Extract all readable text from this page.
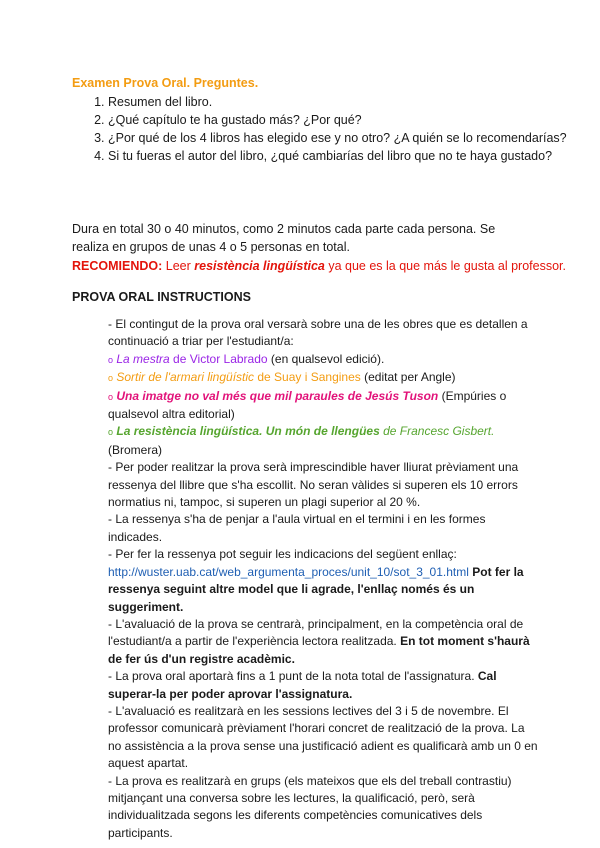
Examen Prova Oral. Preguntes.
1. Resumen del libro.
2. ¿Qué capítulo te ha gustado más? ¿Por qué?
3. ¿Por qué de los 4 libros has elegido ese y no otro? ¿A quién se lo recomendarías?
4. Si tu fueras el autor del libro, ¿qué cambiarías del libro que no te haya gustado?

Dura en total 30 o 40 minutos, como 2 minutos cada parte cada persona. Se realiza en grupos de unas 4 o 5 personas en total.

RECOMIENDO: Leer resistència lingüística ya que es la que más le gusta al professor.
PROVA ORAL INSTRUCTIONS

- El contingut de la prova oral versarà sobre una de les obres que es detallen a continuació a triar per l'estudiant/a:

o La mestra de Victor Labrado (en qualsevol edició).

o Sortir de l'armari lingüístic de Suay i Sangines (editat per Angle)

o Una imatge no val més que mil paraules de Jesús Tuson (Empúries o qualsevol altra editorial)

o La resistència lingüística. Un món de llengües de Francesc Gisbert. (Bromera)

- Per poder realitzar la prova serà imprescindible haver lliurat prèviament una ressenya del llibre que s'ha escollit. No seran vàlides si superen els 10 errors normatius ni, tampoc, si superen un plagi superior al 20 %.

- La ressenya s'ha de penjar a l'aula virtual en el termini i en les formes indicades.

- Per fer la ressenya pot seguir les indicacions del següent enllaç:
http://wuster.uab.cat/web_argumenta_proces/unit_10/sot_3_01.html Pot fer la ressenya seguint altre model que li agrade, l'enllaç només és un suggeriment.

- L'avaluació de la prova se centrarà, principalment, en la competència oral de l'estudiant/a a partir de l'experiència lectora realitzada. En tot moment s'haurà de fer ús d'un registre acadèmic.

- La prova oral aportarà fins a 1 punt de la nota total de l'assignatura. Cal superar-la per poder aprovar l'assignatura.

- L'avaluació es realitzarà en les sessions lectives del 3 i 5 de novembre. El professor comunicarà prèviament l'horari concret de realització de la prova. La no assistència a la prova sense una justificació adient es qualificarà amb un 0 en aquest apartat.

- La prova es realitzarà en grups (els mateixos que els del treball contrastiu) mitjançant una conversa sobre les lectures, la qualificació, però, serà individualitzada segons les diferents competències comunicatives dels participants.
